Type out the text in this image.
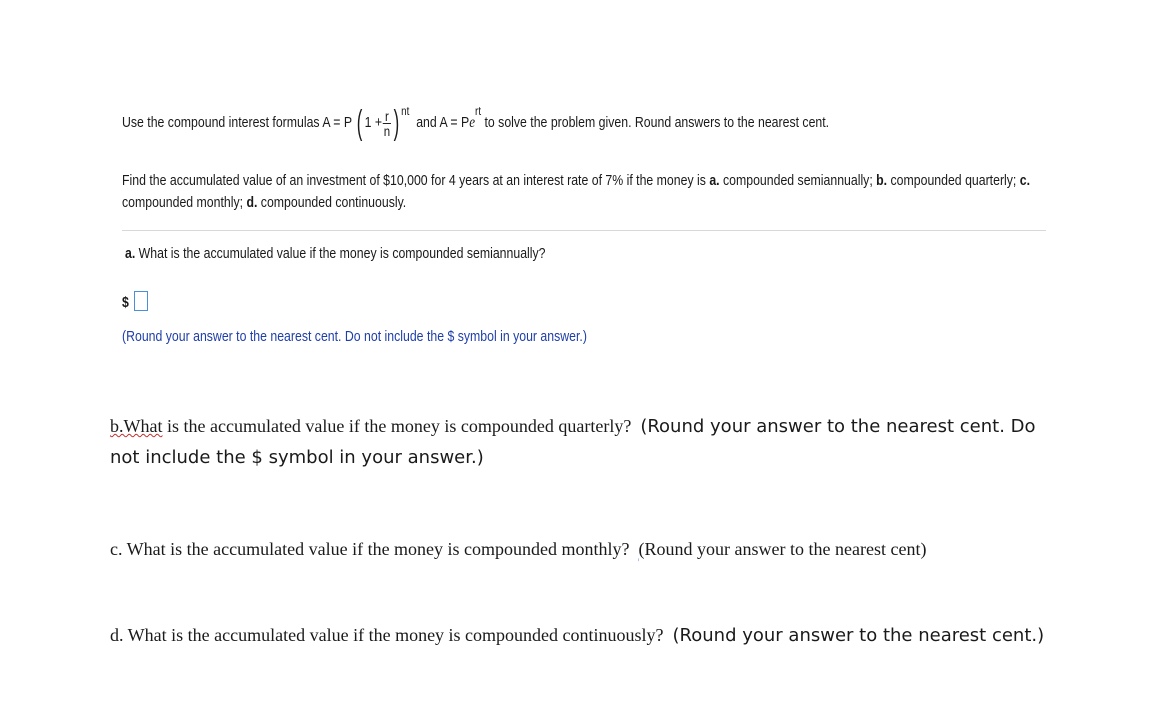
Use the compound interest formulas A = P ( $1 + \frac{r}{n}$ ) $^{nt}$  and $A = Pe^{rt}$ to solve the problem given. Round answers to the nearest cent.
Find the accumulated value of an investment of $10,000 for 4 years at an interest rate of 7% if the money is a. compounded semiannually; b. compounded quarterly; c.
compounded monthly; d. compounded continuously.
a. What is the accumulated value if the money is compounded semiannually?
$
(Round your answer to the nearest cent. Do not include the $ symbol in your answer.)
b.What is the accumulated value if the money is compounded quarterly? (Round your answer to the nearest cent. Do not include the $ symbol in your answer.)
c. What is the accumulated value if the money is compounded monthly? (Round your answer to the nearest cent)
d. What is the accumulated value if the money is compounded continuously? (Round your answer to the nearest cent.)
